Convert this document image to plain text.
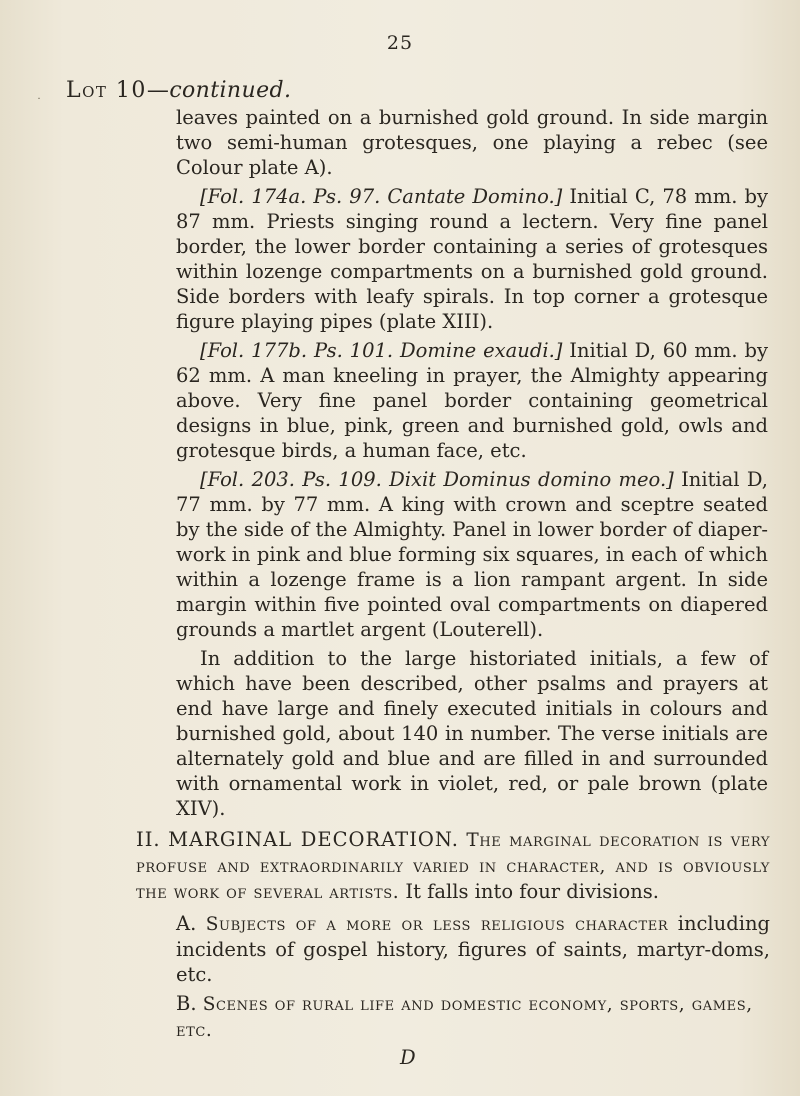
25
˙ Lot 10—continued.

leaves painted on a burnished gold ground. In side margin two semi-human grotesques, one playing a rebec (see Colour plate A).

[Fol. 174a. Ps. 97. Cantate Domino.] Initial C, 78 mm. by 87 mm. Priests singing round a lectern. Very fine panel border, the lower border containing a series of grotesques within lozenge compartments on a burnished gold ground. Side borders with leafy spirals. In top corner a grotesque figure playing pipes (plate XIII).

[Fol. 177b. Ps. 101. Domine exaudi.] Initial D, 60 mm. by 62 mm. A man kneeling in prayer, the Almighty appearing above. Very fine panel border containing geometrical designs in blue, pink, green and burnished gold, owls and grotesque birds, a human face, etc.

[Fol. 203. Ps. 109. Dixit Dominus domino meo.] Initial D, 77 mm. by 77 mm. A king with crown and sceptre seated by the side of the Almighty. Panel in lower border of diaper-work in pink and blue forming six squares, in each of which within a lozenge frame is a lion rampant argent. In side margin within five pointed oval compartments on diapered grounds a martlet argent (Louterell).

In addition to the large historiated initials, a few of which have been described, other psalms and prayers at end have large and finely executed initials in colours and burnished gold, about 140 in number. The verse initials are alternately gold and blue and are filled in and surrounded with ornamental work in violet, red, or pale brown (plate XIV).

II. MARGINAL DECORATION. The marginal decoration is very profuse and extraordinarily varied in character, and is obviously the work of several artists. It falls into four divisions.

A. Subjects of a more or less religious character including incidents of gospel history, figures of saints, martyr-doms, etc.

B. Scenes of rural life and domestic economy, sports, games, etc.

D
